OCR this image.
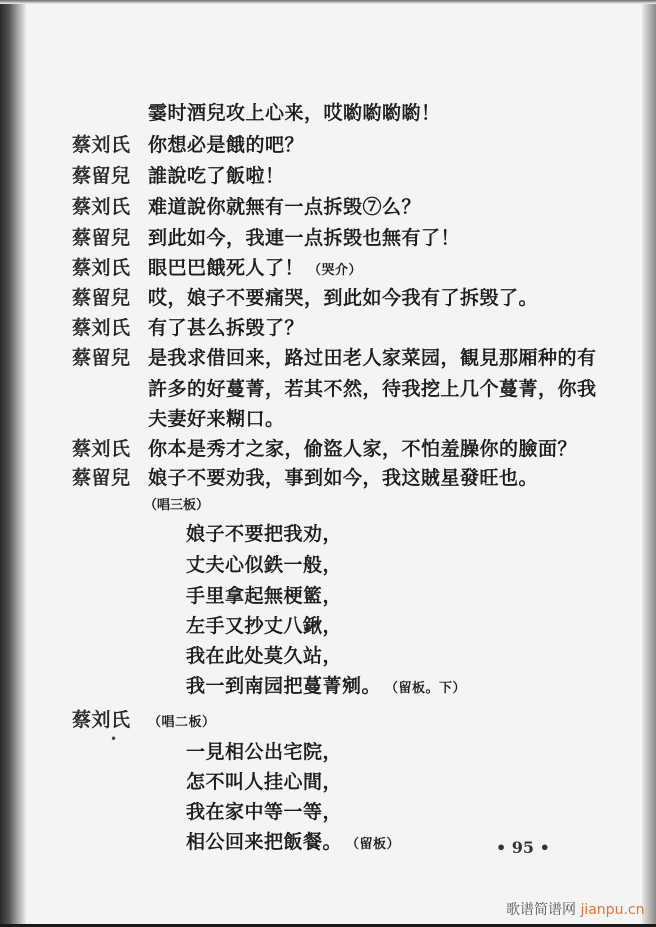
霎时酒兒攻上心来，哎喲喲喲喲！
蔡刘氏 你想必是餓的吧？
蔡留兒 誰說吃了飯啦！
蔡刘氏 难道說你就無有一点拆毁⑦么？
蔡留兒 到此如今，我連一点拆毁也無有了！
蔡刘氏 眼巴巴餓死人了！ （哭介）
蔡留兒 哎，娘子不要痛哭，到此如今我有了拆毁了。
蔡刘氏 有了甚么拆毁了？
蔡留兒 是我求借回来，路过田老人家菜园，観見那厢种的有
許多的好蔓菁，若其不然，待我挖上几个蔓菁，你我
夫妻好来糊口。
蔡刘氏 你本是秀才之家，偷盜人家，不怕羞臊你的臉面？
蔡留兒 娘子不要劝我，事到如今，我这賊星發旺也。
（唱三板）
娘子不要把我劝，
丈夫心似鉄一般，
手里拿起無梗籃，
左手又抄丈八鍬，
我在此处莫久站，
我一到南园把蔓菁剜。 （留板。下）
蔡刘氏 （唱二板）
一見相公出宅院，
•
怎不叫人挂心間，
我在家中等一等，
相公回来把飯餐。 （留板）	• 95 •
歌谱简谱网 jianpu.cn
